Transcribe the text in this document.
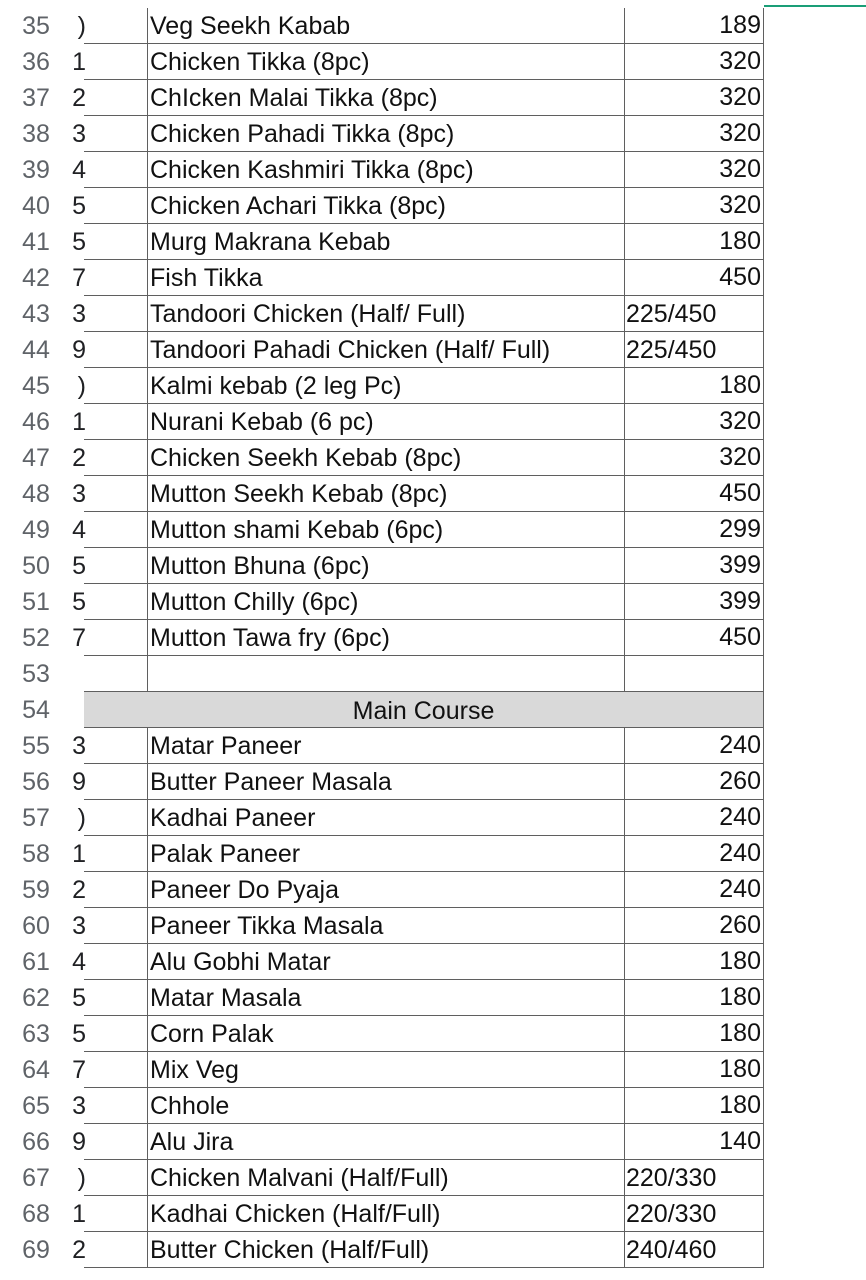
35	)	Veg Seekh Kabab	189
36 1	Chicken Tikka (8pc)	320
37 2	ChIcken Malai Tikka (8pc)	320
38 3	Chicken Pahadi Tikka (8pc)	320
39 4	Chicken Kashmiri Tikka (8pc)	320
40 5	Chicken Achari Tikka (8pc)	320
41 5	Murg Makrana Kebab	180
42 7	Fish Tikka	450
43 3	Tandoori Chicken (Half/ Full)	225/450
44 9	Tandoori Pahadi Chicken (Half/ Full)	225/450
45	)	Kalmi kebab (2 leg Pc)	180
46 1	Nurani Kebab (6 pc)	320
47 2	Chicken Seekh Kebab (8pc)	320
48 3	Mutton Seekh Kebab (8pc)	450
49 4	Mutton shami Kebab (6pc)	299
50 5	Mutton Bhuna (6pc)	399
51 5	Mutton Chilly (6pc)	399
52 7	Mutton Tawa fry (6pc)	450
53
54	Main Course
55 3	Matar Paneer	240
56 9	Butter Paneer Masala	260
57	)	Kadhai Paneer	240
58 1	Palak Paneer	240
59 2	Paneer Do Pyaja	240
60 3	Paneer Tikka Masala	260
61 4	Alu Gobhi Matar	180
62 5	Matar Masala	180
63 5	Corn Palak	180
64 7	Mix Veg	180
65 3	Chhole	180
66 9	Alu Jira	140
67	)	Chicken Malvani (Half/Full)	220/330
68 1	Kadhai Chicken (Half/Full)	220/330
69 2	Butter Chicken (Half/Full)	240/460
